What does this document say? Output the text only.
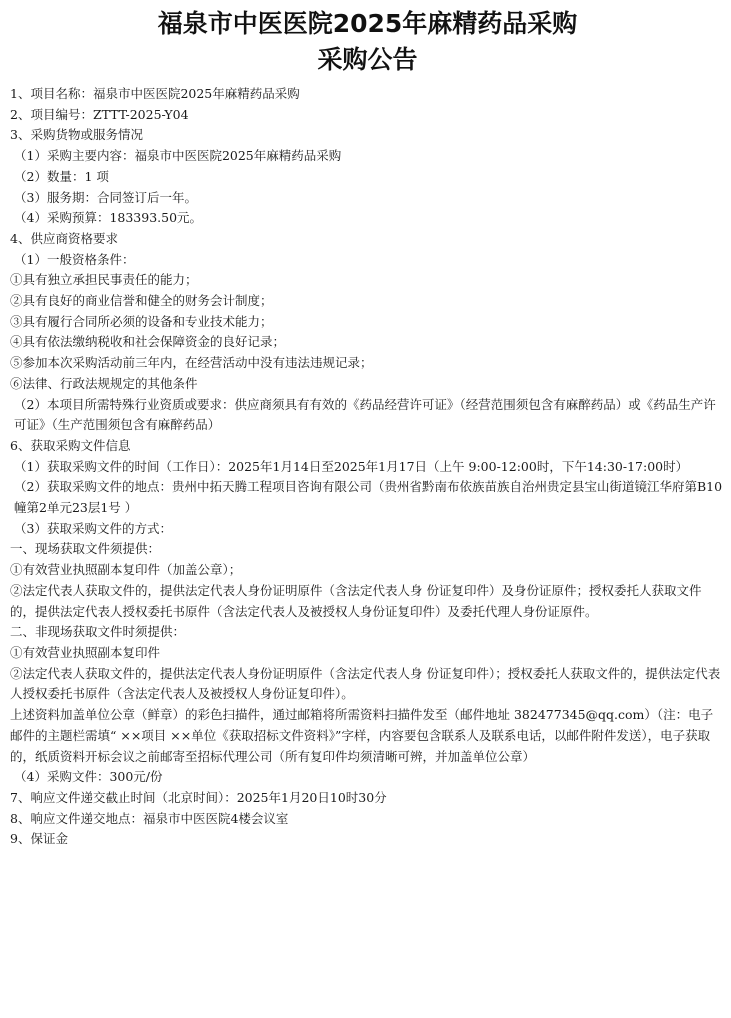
福泉市中医医院2025年麻精药品采购
采购公告

1、项目名称：福泉市中医医院2025年麻精药品采购

2、项目编号：ZTTT-2025-Y04

3、采购货物或服务情况

（1）采购主要内容：福泉市中医医院2025年麻精药品采购

（2）数量：1 项

（3）服务期：合同签订后一年。

（4）采购预算：183393.50元。

4、供应商资格要求

（1）一般资格条件：

①具有独立承担民事责任的能力；

②具有良好的商业信誉和健全的财务会计制度；

③具有履行合同所必须的设备和专业技术能力；

④具有依法缴纳税收和社会保障资金的良好记录；

⑤参加本次采购活动前三年内，在经营活动中没有违法违规记录；

⑥法律、行政法规规定的其他条件

（2）本项目所需特殊行业资质或要求：供应商须具有有效的《药品经营许可证》（经营范围须包含有麻醉药品）或《药品生产许可证》（生产范围须包含有麻醉药品）

6、获取采购文件信息

（1）获取采购文件的时间（工作日）：2025年1月14日至2025年1月17日（上午 9:00-12:00时，下午14:30-17:00时）

（2）获取采购文件的地点：贵州中拓天腾工程项目咨询有限公司（贵州省黔南布依族苗族自治州贵定县宝山街道镜江华府第B10幢第2单元23层1号 ）

（3）获取采购文件的方式：

一、现场获取文件须提供：

①有效营业执照副本复印件（加盖公章）；

②法定代表人获取文件的，提供法定代表人身份证明原件（含法定代表人身 份证复印件）及身份证原件；授权委托人获取文件的，提供法定代表人授权委托书原件（含法定代表人及被授权人身份证复印件）及委托代理人身份证原件。

二、非现场获取文件时须提供：

①有效营业执照副本复印件

②法定代表人获取文件的，提供法定代表人身份证明原件（含法定代表人身 份证复印件）；授权委托人获取文件的，提供法定代表人授权委托书原件（含法定代表人及被授权人身份证复印件）。

上述资料加盖单位公章（鲜章）的彩色扫描件，通过邮箱将所需资料扫描件发至（邮件地址 382477345@qq.com）（注：电子邮件的主题栏需填“ ××项目 ××单位《获取招标文件资料》”字样，内容要包含联系人及联系电话，以邮件附件发送），电子获取的，纸质资料开标会议之前邮寄至招标代理公司（所有复印件均须清晰可辨，并加盖单位公章）

（4）采购文件：300元/份

7、响应文件递交截止时间（北京时间）：2025年1月20日10时30分

8、响应文件递交地点：福泉市中医医院4楼会议室

9、保证金
